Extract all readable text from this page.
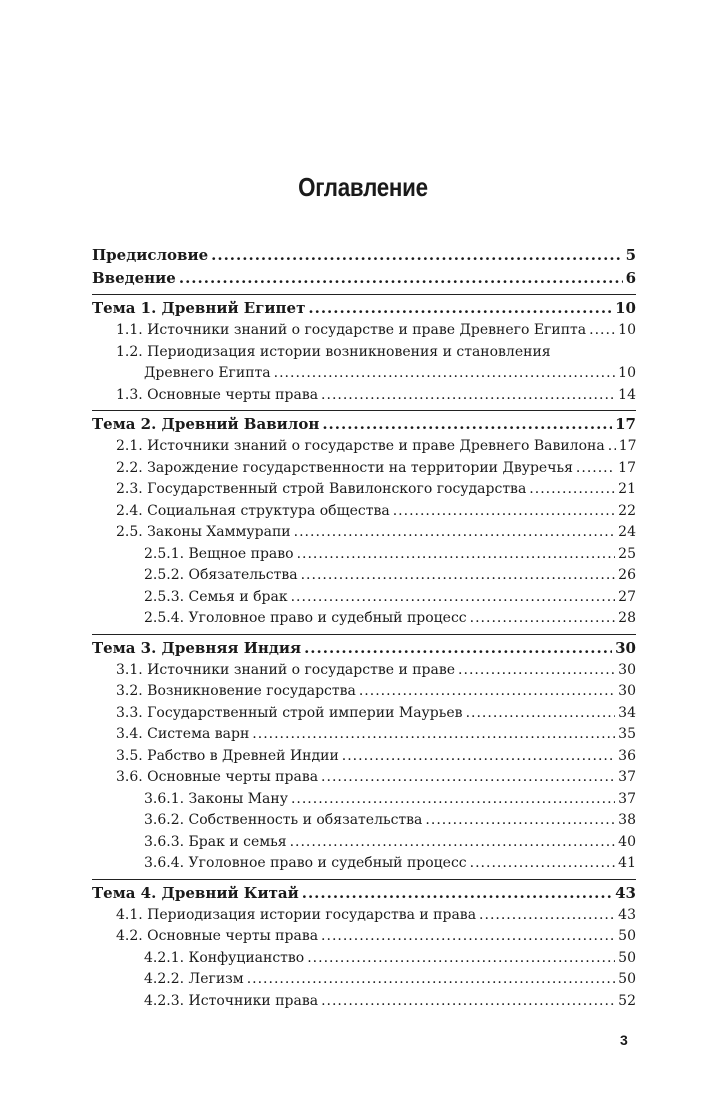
Оглавление
Предисловие .....	5
Введение .....	6
Тема 1. Древний Египет .....	10
1.1. Источники знаний о государстве и праве Древнего Египта ..... 10
1.2. Периодизация истории возникновения и становления
Древнего Египта .....	10
1.3. Основные черты права .....	14
Тема 2. Древний Вавилон .....	17
2.1. Источники знаний о государстве и праве Древнего Вавилона ..... 17
2.2. Зарождение государственности на территории Двуречья .....	17
2.3. Государственный строй Вавилонского государства .....	21
2.4. Социальная структура общества .....	22
2.5. Законы Хаммурапи .....	24
2.5.1. Вещное право .....	25
2.5.2. Обязательства .....	26
2.5.3. Семья и брак .....	27
2.5.4. Уголовное право и судебный процесс .....	28
Тема 3. Древняя Индия .....	30
3.1. Источники знаний о государстве и праве .....	30
3.2. Возникновение государства .....	30
3.3. Государственный строй империи Маурьев .....	34
3.4. Система варн .....	35
3.5. Рабство в Древней Индии .....	36
3.6. Основные черты права .....	37
3.6.1. Законы Ману .....	37
3.6.2. Собственность и обязательства .....	38
3.6.3. Брак и семья .....	40
3.6.4. Уголовное право и судебный процесс .....	41
Тема 4. Древний Китай .....	43
4.1. Периодизация истории государства и права .....	43
4.2. Основные черты права .....	50
4.2.1. Конфуцианство .....	50
4.2.2. Легизм .....	50
4.2.3. Источники права .....	52
3
